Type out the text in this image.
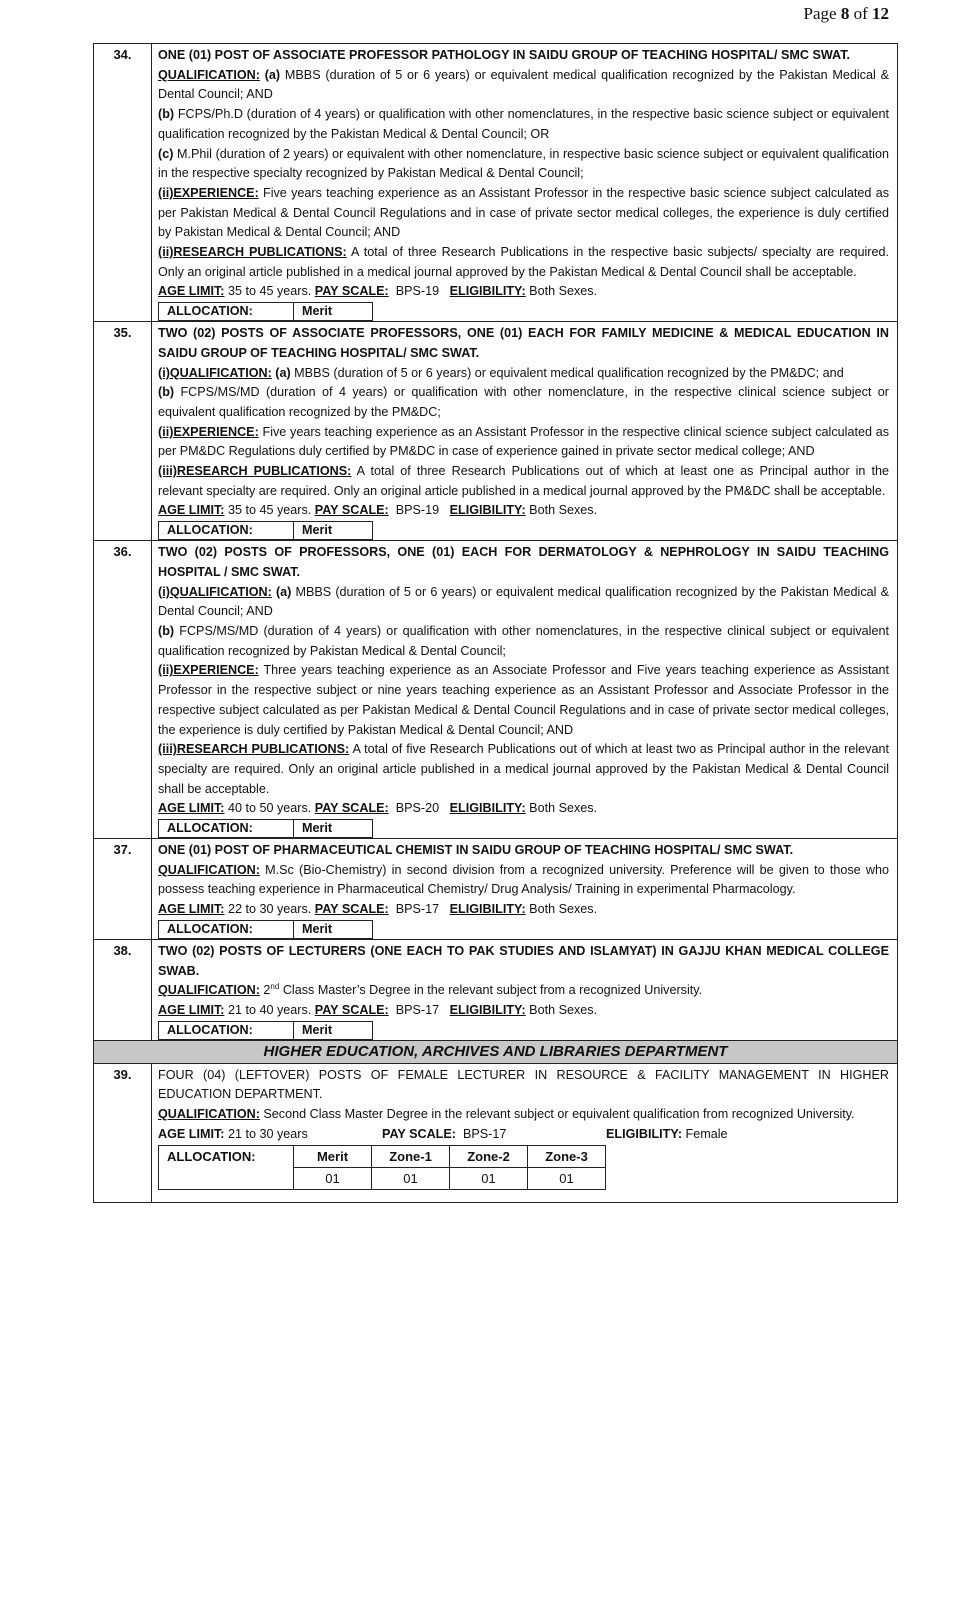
Page 8 of 12
34.	ONE (01) POST OF ASSOCIATE PROFESSOR PATHOLOGY IN SAIDU GROUP OF TEACHING HOSPITAL/ SMC SWAT.
QUALIFICATION: (a) MBBS (duration of 5 or 6 years) or equivalent medical qualification recognized by the Pakistan Medical & Dental Council; AND
(b) FCPS/Ph.D (duration of 4 years) or qualification with other nomenclatures, in the respective basic science subject or equivalent qualification recognized by the Pakistan Medical & Dental Council; OR
(c) M.Phil (duration of 2 years) or equivalent with other nomenclature, in respective basic science subject or equivalent qualification in the respective specialty recognized by Pakistan Medical & Dental Council;
(ii)EXPERIENCE: Five years teaching experience as an Assistant Professor in the respective basic science subject calculated as per Pakistan Medical & Dental Council Regulations and in case of private sector medical colleges, the experience is duly certified by Pakistan Medical & Dental Council; AND
(ii)RESEARCH PUBLICATIONS: A total of three Research Publications in the respective basic subjects/ specialty are required. Only an original article published in a medical journal approved by the Pakistan Medical & Dental Council shall be acceptable.
AGE LIMIT: 35 to 45 years. PAY SCALE:  BPS-19   ELIGIBILITY: Both Sexes.
ALLOCATION:	Merit

35.	TWO (02) POSTS OF ASSOCIATE PROFESSORS, ONE (01) EACH FOR FAMILY MEDICINE & MEDICAL EDUCATION IN SAIDU GROUP OF TEACHING HOSPITAL/ SMC SWAT.
(i)QUALIFICATION: (a) MBBS (duration of 5 or 6 years) or equivalent medical qualification recognized by the PM&DC; and
(b) FCPS/MS/MD (duration of 4 years) or qualification with other nomenclature, in the respective clinical science subject or equivalent qualification recognized by the PM&DC;
(ii)EXPERIENCE: Five years teaching experience as an Assistant Professor in the respective clinical science subject calculated as per PM&DC Regulations duly certified by PM&DC in case of experience gained in private sector medical college; AND
(iii)RESEARCH PUBLICATIONS: A total of three Research Publications out of which at least one as Principal author in the relevant specialty are required. Only an original article published in a medical journal approved by the PM&DC shall be acceptable.
AGE LIMIT: 35 to 45 years. PAY SCALE:  BPS-19   ELIGIBILITY: Both Sexes.
ALLOCATION:	Merit

36.	TWO (02) POSTS OF PROFESSORS, ONE (01) EACH FOR DERMATOLOGY & NEPHROLOGY IN SAIDU TEACHING HOSPITAL / SMC SWAT.
(i)QUALIFICATION: (a) MBBS (duration of 5 or 6 years) or equivalent medical qualification recognized by the Pakistan Medical & Dental Council; AND
(b) FCPS/MS/MD (duration of 4 years) or qualification with other nomenclatures, in the respective clinical subject or equivalent qualification recognized by Pakistan Medical & Dental Council;
(ii)EXPERIENCE: Three years teaching experience as an Associate Professor and Five years teaching experience as Assistant Professor in the respective subject or nine years teaching experience as an Assistant Professor and Associate Professor in the respective subject calculated as per Pakistan Medical & Dental Council Regulations and in case of private sector medical colleges, the experience is duly certified by Pakistan Medical & Dental Council; AND
(iii)RESEARCH PUBLICATIONS: A total of five Research Publications out of which at least two as Principal author in the relevant specialty are required. Only an original article published in a medical journal approved by the Pakistan Medical & Dental Council shall be acceptable.
AGE LIMIT: 40 to 50 years. PAY SCALE:  BPS-20   ELIGIBILITY: Both Sexes.
ALLOCATION:	Merit

37.	ONE (01) POST OF PHARMACEUTICAL CHEMIST IN SAIDU GROUP OF TEACHING HOSPITAL/ SMC SWAT.
QUALIFICATION: M.Sc (Bio-Chemistry) in second division from a recognized university. Preference will be given to those who possess teaching experience in Pharmaceutical Chemistry/ Drug Analysis/ Training in experimental Pharmacology.
AGE LIMIT: 22 to 30 years. PAY SCALE:  BPS-17   ELIGIBILITY: Both Sexes.
ALLOCATION:	Merit

38.	TWO (02) POSTS OF LECTURERS (ONE EACH TO PAK STUDIES AND ISLAMYAT) IN GAJJU KHAN MEDICAL COLLEGE SWAB.
QUALIFICATION: 2nd Class Master’s Degree in the relevant subject from a recognized University.
AGE LIMIT: 21 to 40 years. PAY SCALE:  BPS-17   ELIGIBILITY: Both Sexes.
ALLOCATION:	Merit

HIGHER EDUCATION, ARCHIVES AND LIBRARIES DEPARTMENT
39.	FOUR (04) (LEFTOVER) POSTS OF FEMALE LECTURER IN RESOURCE & FACILITY MANAGEMENT IN HIGHER EDUCATION DEPARTMENT.
QUALIFICATION: Second Class Master Degree in the relevant subject or equivalent qualification from recognized University.
AGE LIMIT: 21 to 30 years	PAY SCALE:  BPS-17	ELIGIBILITY: Female
ALLOCATION:	Merit	Zone-1	Zone-2	Zone-3
01	01	01	01
